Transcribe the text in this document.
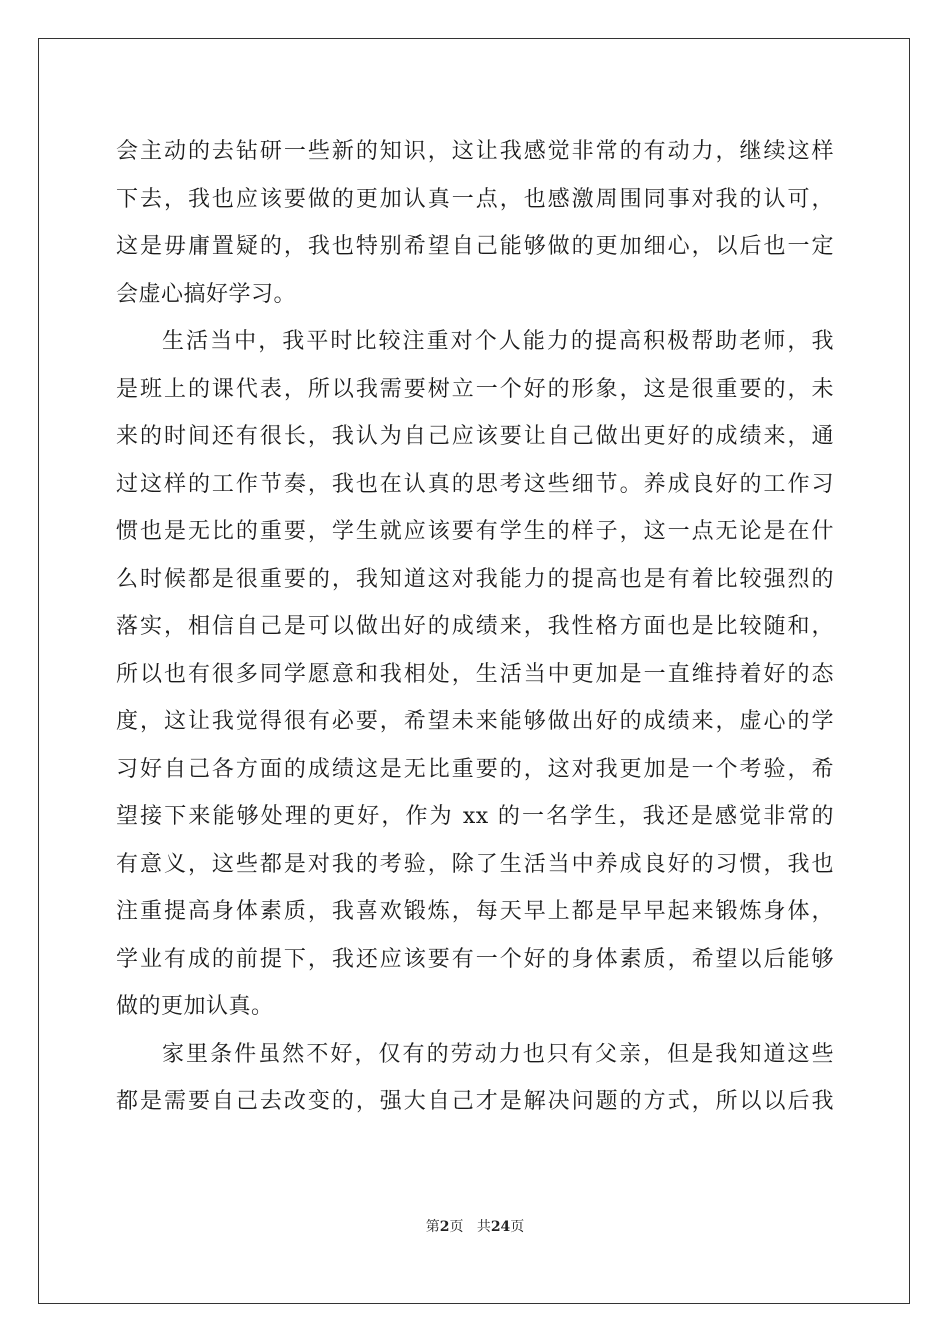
会主动的去钻研一些新的知识，这让我感觉非常的有动力，继续这样
下去，我也应该要做的更加认真一点，也感激周围同事对我的认可，
这是毋庸置疑的，我也特别希望自己能够做的更加细心，以后也一定
会虚心搞好学习。
生活当中，我平时比较注重对个人能力的提高积极帮助老师，我
是班上的课代表，所以我需要树立一个好的形象，这是很重要的，未
来的时间还有很长，我认为自己应该要让自己做出更好的成绩来，通
过这样的工作节奏，我也在认真的思考这些细节。养成良好的工作习
惯也是无比的重要，学生就应该要有学生的样子，这一点无论是在什
么时候都是很重要的，我知道这对我能力的提高也是有着比较强烈的
落实，相信自己是可以做出好的成绩来，我性格方面也是比较随和，
所以也有很多同学愿意和我相处，生活当中更加是一直维持着好的态
度，这让我觉得很有必要，希望未来能够做出好的成绩来，虚心的学
习好自己各方面的成绩这是无比重要的，这对我更加是一个考验，希
望接下来能够处理的更好，作为 xx 的一名学生，我还是感觉非常的
有意义，这些都是对我的考验，除了生活当中养成良好的习惯，我也
注重提高身体素质，我喜欢锻炼，每天早上都是早早起来锻炼身体，
学业有成的前提下，我还应该要有一个好的身体素质，希望以后能够
做的更加认真。
家里条件虽然不好，仅有的劳动力也只有父亲，但是我知道这些
都是需要自己去改变的，强大自己才是解决问题的方式，所以以后我
第2页 共24页
